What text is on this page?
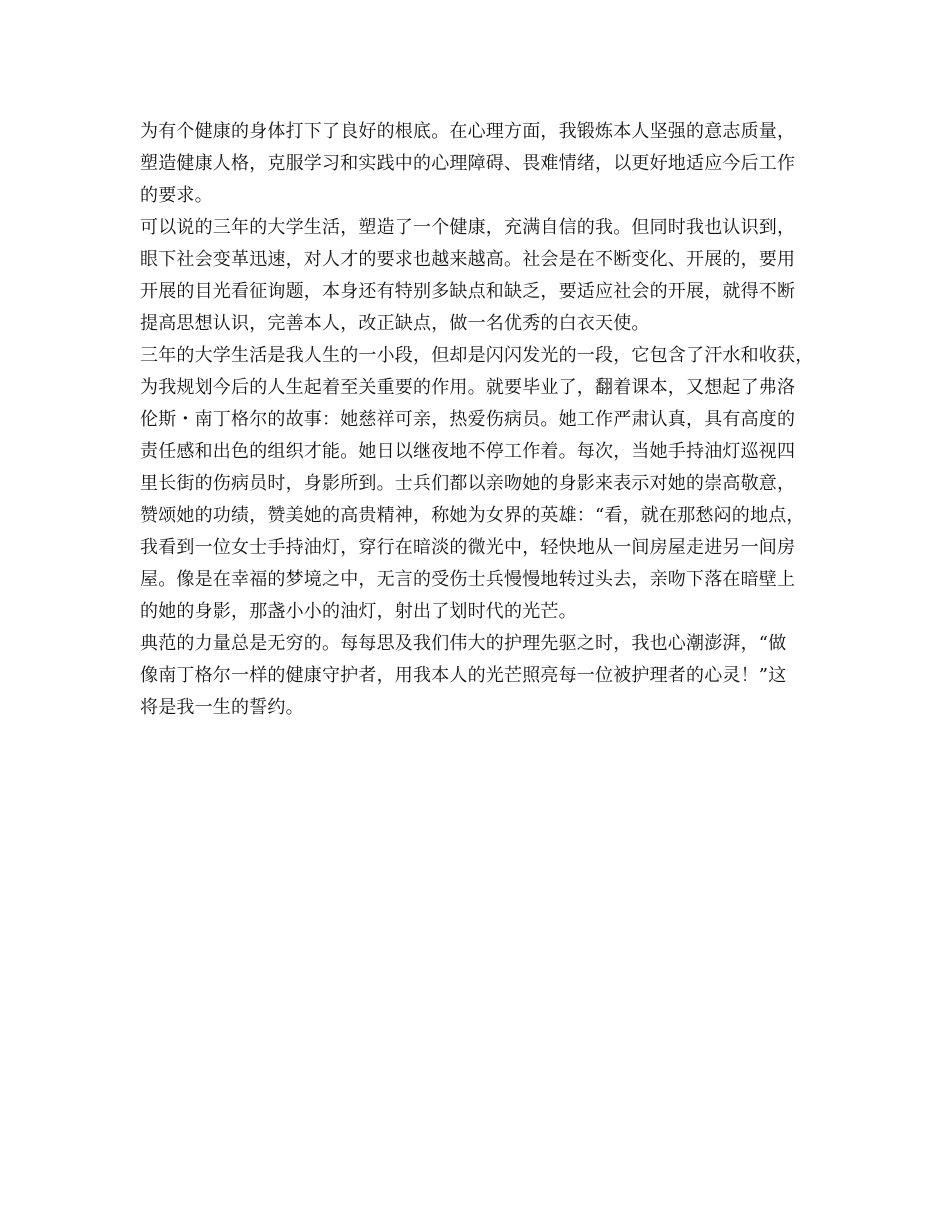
为有个健康的身体打下了良好的根底。在心理方面，我锻炼本人坚强的意志质量，
塑造健康人格，克服学习和实践中的心理障碍、畏难情绪，以更好地适应今后工作
的要求。
可以说的三年的大学生活，塑造了一个健康，充满自信的我。但同时我也认识到，
眼下社会变革迅速，对人才的要求也越来越高。社会是在不断变化、开展的，要用
开展的目光看征询题，本身还有特别多缺点和缺乏，要适应社会的开展，就得不断
提高思想认识，完善本人，改正缺点，做一名优秀的白衣天使。
三年的大学生活是我人生的一小段，但却是闪闪发光的一段，它包含了汗水和收获，
为我规划今后的人生起着至关重要的作用。就要毕业了，翻着课本，又想起了弗洛
伦斯・南丁格尔的故事：她慈祥可亲，热爱伤病员。她工作严肃认真，具有高度的
责任感和出色的组织才能。她日以继夜地不停工作着。每次，当她手持油灯巡视四
里长街的伤病员时，身影所到。士兵们都以亲吻她的身影来表示对她的崇高敬意，
赞颂她的功绩，赞美她的高贵精神，称她为女界的英雄：“看，就在那愁闷的地点，
我看到一位女士手持油灯，穿行在暗淡的微光中，轻快地从一间房屋走进另一间房
屋。像是在幸福的梦境之中，无言的受伤士兵慢慢地转过头去，亲吻下落在暗壁上
的她的身影，那盏小小的油灯，射出了划时代的光芒。
典范的力量总是无穷的。每每思及我们伟大的护理先驱之时，我也心潮澎湃，“做
像南丁格尔一样的健康守护者，用我本人的光芒照亮每一位被护理者的心灵！”这
将是我一生的誓约。
